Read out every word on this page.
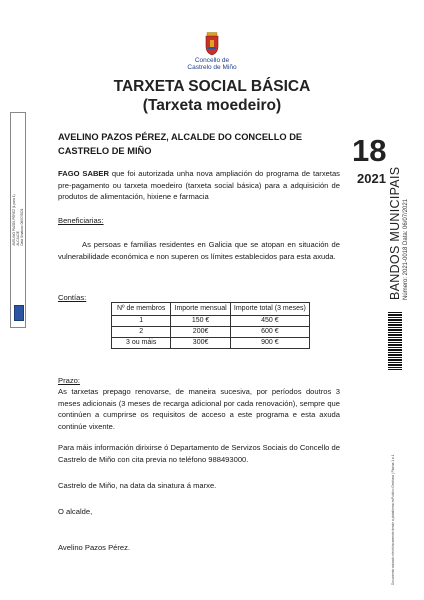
AVELINO PAZOS PÉREZ (1 para 1)
ALCALDE
Data Sinatura: 06/07/2021
Concello de
Castrelo de Miño
TARXETA SOCIAL BÁSICA
(Tarxeta moedeiro)
AVELINO PAZOS PÉREZ, ALCALDE DO CONCELLO DE CASTRELO DE MIÑO	18
2021
FAGO SABER que foi autorizada unha nova ampliación do programa de tarxetas pre-pagamento ou tarxeta moedeiro (tarxeta social básica) para a adquisición de produtos de alimentación, hixiene e farmacia
Beneficiarias:
As persoas e familias residentes en Galicia que se atopan en situación de vulnerabilidade económica e non superen os límites establecidos para esta axuda.
Contías:
Nº de membros	Importe mensual	Importe total (3 meses)
1	150 €	450 €
2	200€	600 €
3 ou máis	300€	900 €
Prazo:
As tarxetas prepago renovarse, de maneira sucesiva, por períodos doutros 3 meses adicionais (3 meses de recarga adicional por cada renovación), sempre que continúen a cumprirse os requisitos de acceso a este programa e esta axuda continúe vixente.
Para máis información dirixirse ó Departamento de Servizos Sociais do Concello de Castrelo de Miño con cita previa no teléfono 988493000.
Castrelo de Miño, na data da sinatura á marxe.
O alcalde,
Avelino Pazos Pérez.
BANDOS MUNICIPAIS Número: 2021-0018 Data: 06/07/2021
Documento asinado electrónicamente desde a plataforma esPublico Gestiona | Páxina 1 a 1
